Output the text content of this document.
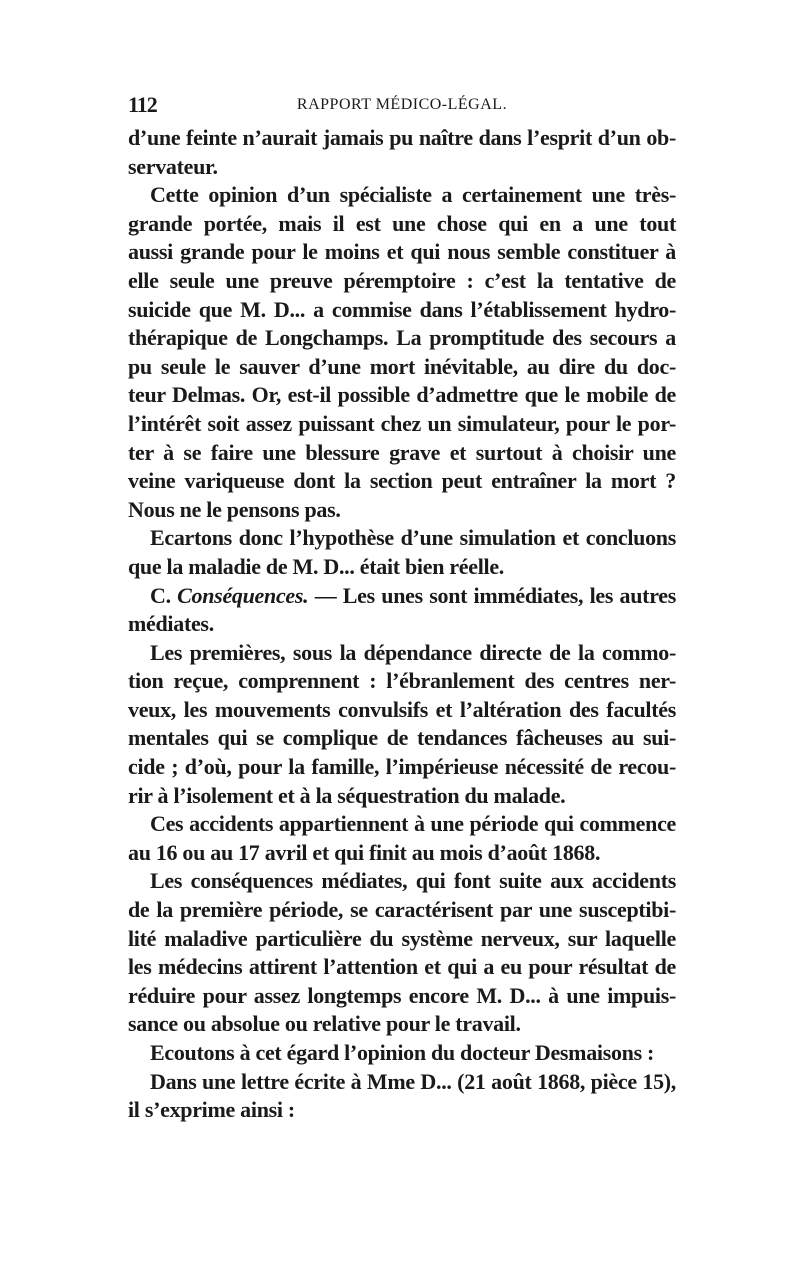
112	RAPPORT MÉDICO-LÉGAL.
d’une feinte n’aurait jamais pu naître dans l’esprit d’un ob-
servateur.
Cette opinion d’un spécialiste a certainement une très-
grande portée, mais il est une chose qui en a une tout
aussi grande pour le moins et qui nous semble constituer à
elle seule une preuve péremptoire : c’est la tentative de
suicide que M. D... a commise dans l’établissement hydro-
thérapique de Longchamps. La promptitude des secours a
pu seule le sauver d’une mort inévitable, au dire du doc-
teur Delmas. Or, est-il possible d’admettre que le mobile de
l’intérêt soit assez puissant chez un simulateur, pour le por-
ter à se faire une blessure grave et surtout à choisir une
veine variqueuse dont la section peut entraîner la mort ?
Nous ne le pensons pas.
Ecartons donc l’hypothèse d’une simulation et concluons
que la maladie de M. D... était bien réelle.
C. Conséquences. — Les unes sont immédiates, les autres
médiates.
Les premières, sous la dépendance directe de la commo-
tion reçue, comprennent : l’ébranlement des centres ner-
veux, les mouvements convulsifs et l’altération des facultés
mentales qui se complique de tendances fâcheuses au sui-
cide ; d’où, pour la famille, l’impérieuse nécessité de recou-
rir à l’isolement et à la séquestration du malade.
Ces accidents appartiennent à une période qui commence
au 16 ou au 17 avril et qui finit au mois d’août 1868.
Les conséquences médiates, qui font suite aux accidents
de la première période, se caractérisent par une susceptibi-
lité maladive particulière du système nerveux, sur laquelle
les médecins attirent l’attention et qui a eu pour résultat de
réduire pour assez longtemps encore M. D... à une impuis-
sance ou absolue ou relative pour le travail.
Ecoutons à cet égard l’opinion du docteur Desmaisons :
Dans une lettre écrite à Mme D... (21 août 1868, pièce 15),
il s’exprime ainsi :
